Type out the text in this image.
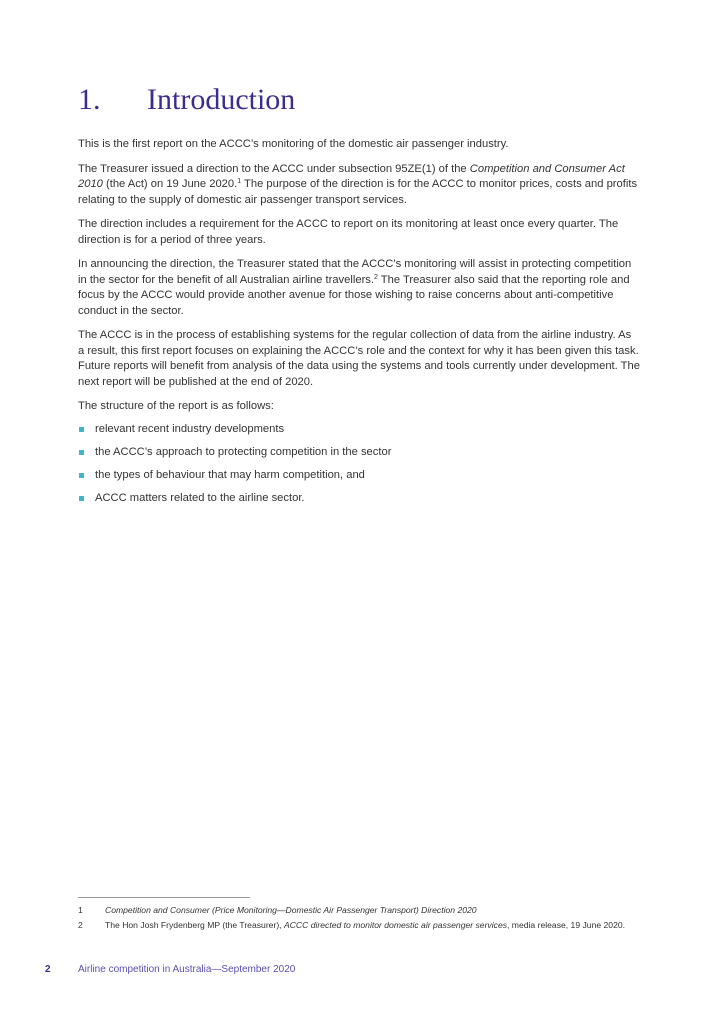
1. Introduction

This is the first report on the ACCC’s monitoring of the domestic air passenger industry.

The Treasurer issued a direction to the ACCC under subsection 95ZE(1) of the Competition and Consumer Act 2010 (the Act) on 19 June 2020.$^1$ The purpose of the direction is for the ACCC to monitor prices, costs and profits relating to the supply of domestic air passenger transport services.

The direction includes a requirement for the ACCC to report on its monitoring at least once every quarter. The direction is for a period of three years.

In announcing the direction, the Treasurer stated that the ACCC’s monitoring will assist in protecting competition in the sector for the benefit of all Australian airline travellers.$^2$ The Treasurer also said that the reporting role and focus by the ACCC would provide another avenue for those wishing to raise concerns about anti-competitive conduct in the sector.

The ACCC is in the process of establishing systems for the regular collection of data from the airline industry. As a result, this first report focuses on explaining the ACCC’s role and the context for why it has been given this task. Future reports will benefit from analysis of the data using the systems and tools currently under development. The next report will be published at the end of 2020.

The structure of the report is as follows:

relevant recent industry developments
the ACCC’s approach to protecting competition in the sector
the types of behaviour that may harm competition, and
ACCC matters related to the airline sector.
1	Competition and Consumer (Price Monitoring—Domestic Air Passenger Transport) Direction 2020
2	The Hon Josh Frydenberg MP (the Treasurer), ACCC directed to monitor domestic air passenger services, media release, 19 June 2020.
2	Airline competition in Australia—September 2020
